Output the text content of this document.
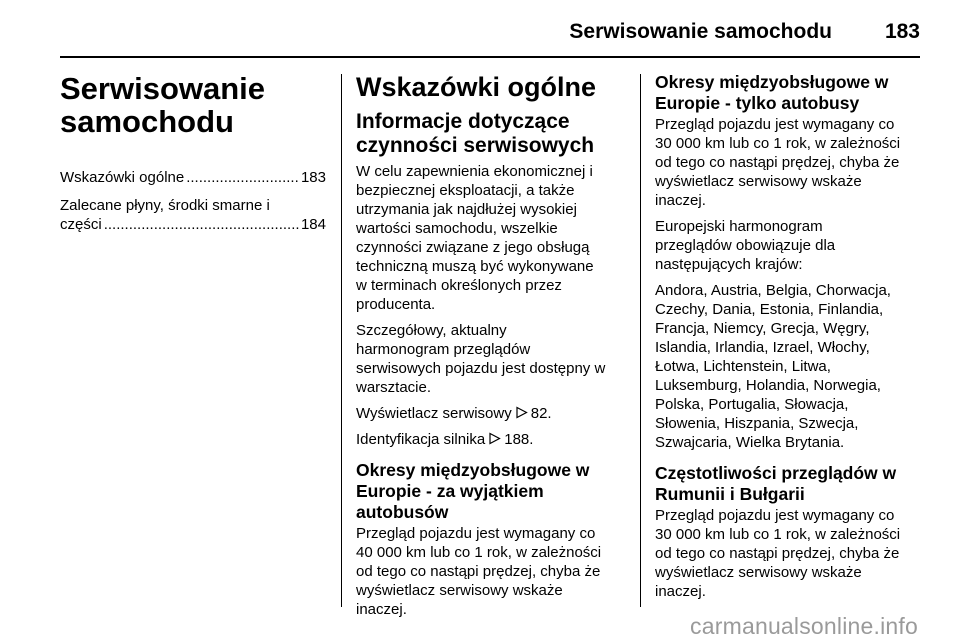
Serwisowanie samochodu	183
Serwisowanie
samochodu
Wskazówki ogólne .....	183
Zalecane płyny, środki smarne i
części .....	184
Wskazówki ogólne
Informacje dotyczące
czynności serwisowych
W celu zapewnienia ekonomicznej i
bezpiecznej eksploatacji, a także
utrzymania jak najdłużej wysokiej
wartości samochodu, wszelkie
czynności związane z jego obsługą
techniczną muszą być wykonywane
w terminach określonych przez
producenta.
Szczegółowy, aktualny
harmonogram przeglądów
serwisowych pojazdu jest dostępny w
warsztacie.
Wyświetlacz serwisowy 82.
Identyfikacja silnika 188.
Okresy międzyobsługowe w
Europie - za wyjątkiem
autobusów
Przegląd pojazdu jest wymagany co
40 000 km lub co 1 rok, w zależności
od tego co nastąpi prędzej, chyba że
wyświetlacz serwisowy wskaże
inaczej.
Okresy międzyobsługowe w
Europie - tylko autobusy
Przegląd pojazdu jest wymagany co
30 000 km lub co 1 rok, w zależności
od tego co nastąpi prędzej, chyba że
wyświetlacz serwisowy wskaże
inaczej.
Europejski harmonogram
przeglądów obowiązuje dla
następujących krajów:
Andora, Austria, Belgia, Chorwacja,
Czechy, Dania, Estonia, Finlandia,
Francja, Niemcy, Grecja, Węgry,
Islandia, Irlandia, Izrael, Włochy,
Łotwa, Lichtenstein, Litwa,
Luksemburg, Holandia, Norwegia,
Polska, Portugalia, Słowacja,
Słowenia, Hiszpania, Szwecja,
Szwajcaria, Wielka Brytania.
Częstotliwości przeglądów w
Rumunii i Bułgarii
Przegląd pojazdu jest wymagany co
30 000 km lub co 1 rok, w zależności
od tego co nastąpi prędzej, chyba że
wyświetlacz serwisowy wskaże
inaczej.
carmanualsonline.info
